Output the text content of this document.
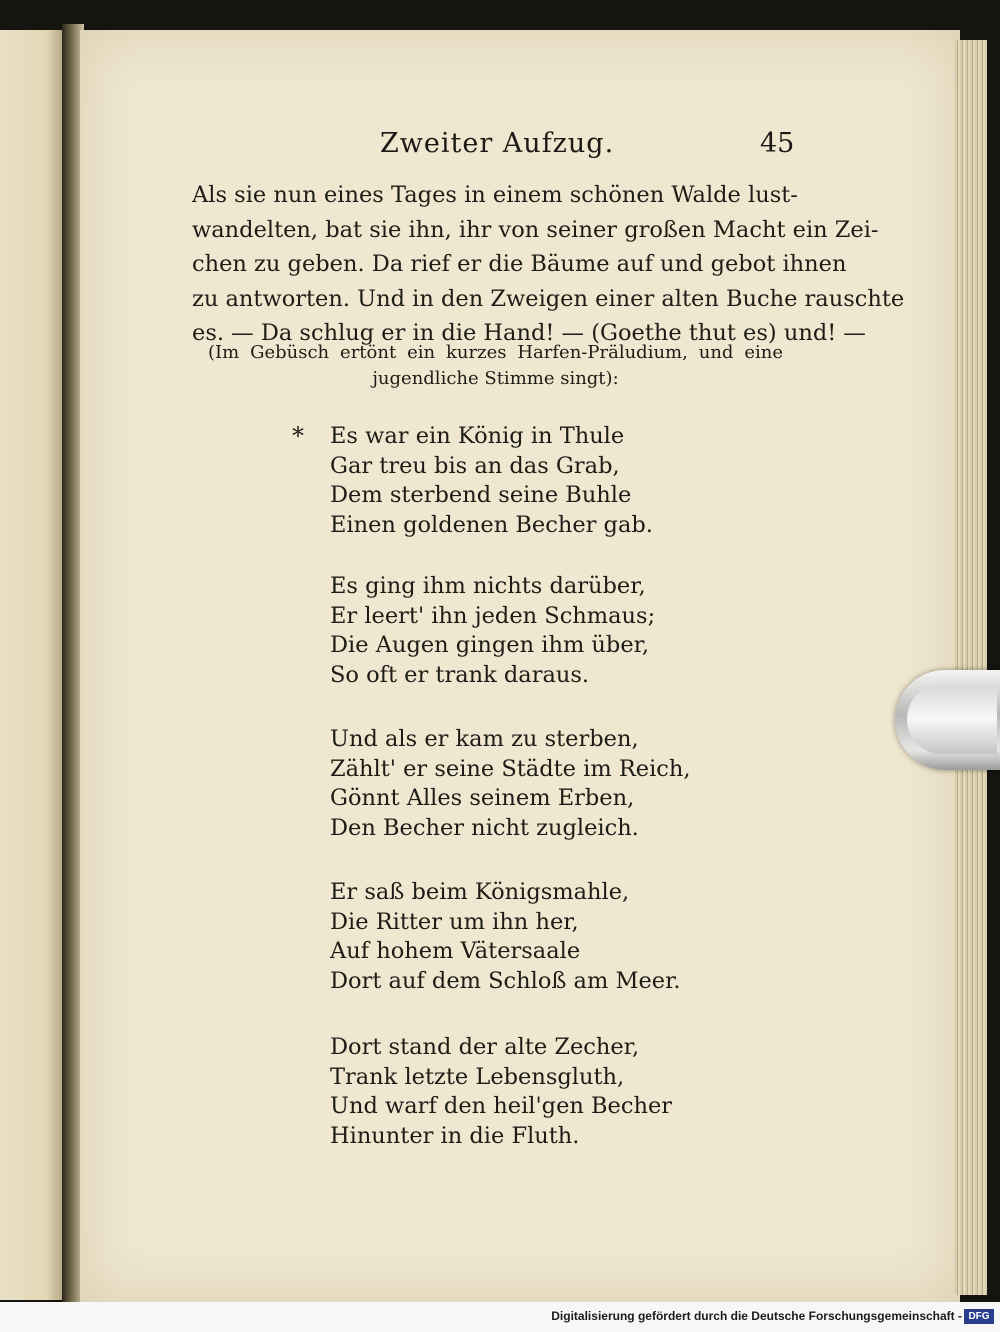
Zweiter Aufzug.	45
Als sie nun eines Tages in einem schönen Walde lust-
wandelten, bat sie ihn, ihr von seiner großen Macht ein Zei-
chen zu geben. Da rief er die Bäume auf und gebot ihnen
zu antworten. Und in den Zweigen einer alten Buche rauschte
es. — Da schlug er in die Hand! — (Goethe thut es) und! —
(Im Gebüsch ertönt ein kurzes Harfen-Präludium, und eine
jugendliche Stimme singt):
* Es war ein König in Thule
Gar treu bis an das Grab,
Dem sterbend seine Buhle
Einen goldenen Becher gab.
Es ging ihm nichts darüber,
Er leert' ihn jeden Schmaus;
Die Augen gingen ihm über,
So oft er trank daraus.
Und als er kam zu sterben,
Zählt' er seine Städte im Reich,
Gönnt Alles seinem Erben,
Den Becher nicht zugleich.
Er saß beim Königsmahle,
Die Ritter um ihn her,
Auf hohem Vätersaale
Dort auf dem Schloß am Meer.
Dort stand der alte Zecher,
Trank letzte Lebensgluth,
Und warf den heil'gen Becher
Hinunter in die Fluth.
Digitalisierung gefördert durch die Deutsche Forschungsgemeinschaft - DFG
